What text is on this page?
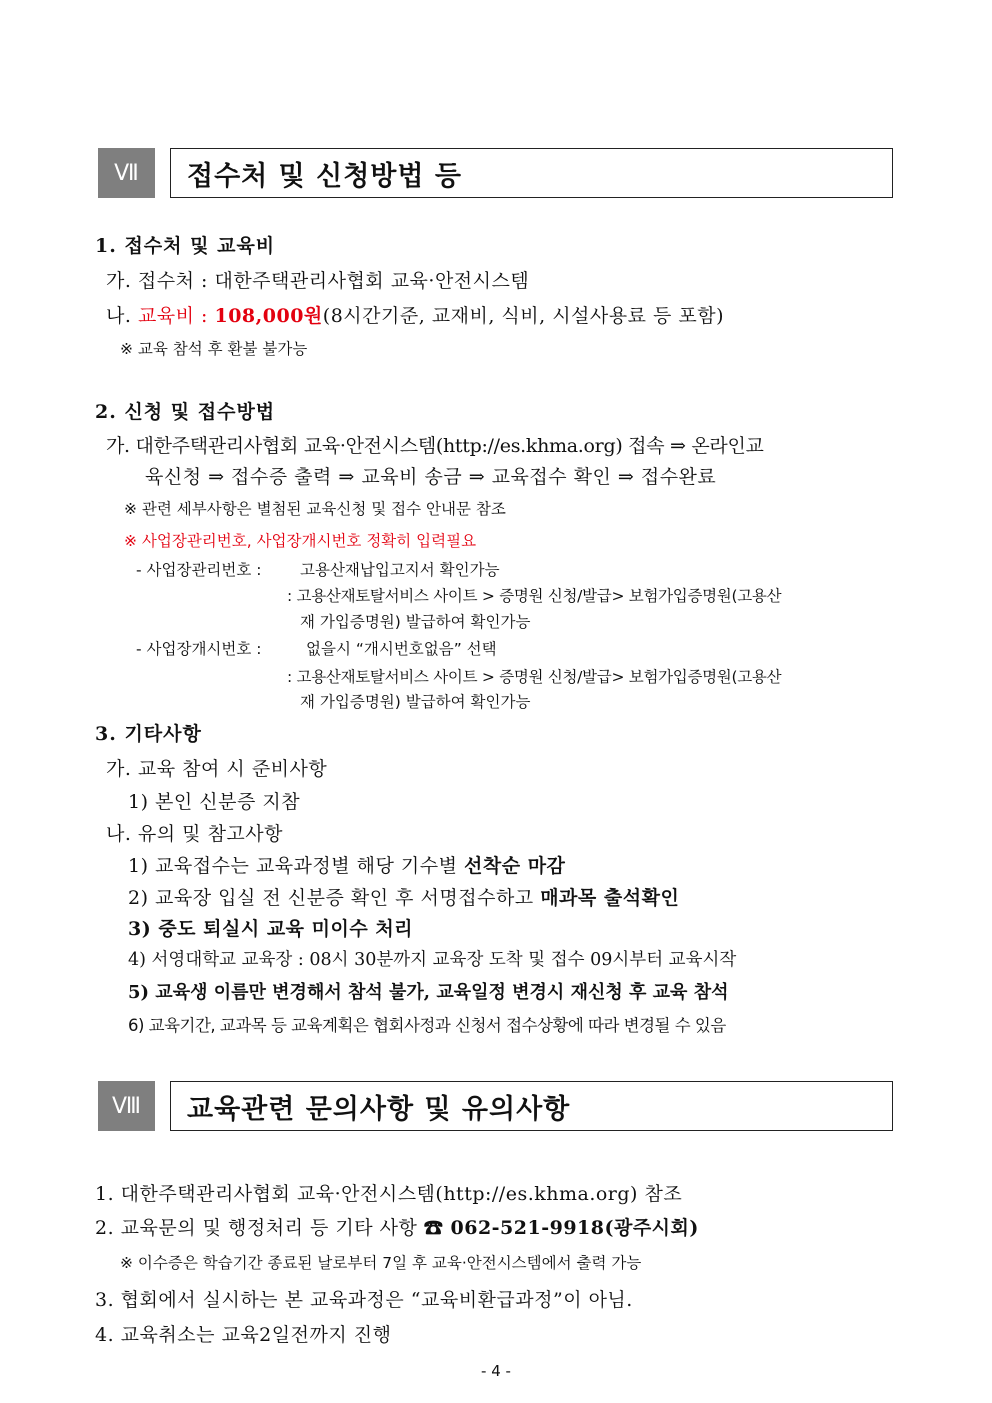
Ⅶ	접수처 및 신청방법 등
1. 접수처 및 교육비
가. 접수처 : 대한주택관리사협회 교육·안전시스템
나. 교육비 : 108,000원(8시간기준, 교재비, 식비, 시설사용료 등 포함)
※ 교육 참석 후 환불 불가능
2. 신청 및 접수방법
가. 대한주택관리사협회 교육·안전시스템(http://es.khma.org) 접속 ⇒ 온라인교
육신청 ⇒ 접수증 출력 ⇒ 교육비 송금 ⇒ 교육접수 확인 ⇒ 접수완료
※ 관련 세부사항은 별첨된 교육신청 및 접수 안내문 참조
※ 사업장관리번호, 사업장개시번호 정확히 입력필요
- 사업장관리번호 : 고용산재납입고지서 확인가능
: 고용산재토탈서비스 사이트 > 증명원 신청/발급> 보험가입증명원(고용산
재 가입증명원) 발급하여 확인가능
- 사업장개시번호 :	없을시 “개시번호없음” 선택
: 고용산재토탈서비스 사이트 > 증명원 신청/발급> 보험가입증명원(고용산
재 가입증명원) 발급하여 확인가능
3. 기타사항
가. 교육 참여 시 준비사항
1) 본인 신분증 지참
나. 유의 및 참고사항
1) 교육접수는 교육과정별 해당 기수별 선착순 마감
2) 교육장 입실 전 신분증 확인 후 서명접수하고 매과목 출석확인
3) 중도 퇴실시 교육 미이수 처리
4) 서영대학교 교육장 : 08시 30분까지 교육장 도착 및 접수 09시부터 교육시작
5) 교육생 이름만 변경해서 참석 불가, 교육일정 변경시 재신청 후 교육 참석
6) 교육기간, 교과목 등 교육계획은 협회사정과 신청서 접수상황에 따라 변경될 수 있음
Ⅷ	교육관련 문의사항 및 유의사항
1. 대한주택관리사협회 교육·안전시스템(http://es.khma.org) 참조
2. 교육문의 및 행정처리 등 기타 사항 ☎ 062-521-9918(광주시회)
※ 이수증은 학습기간 종료된 날로부터 7일 후 교육·안전시스템에서 출력 가능
3. 협회에서 실시하는 본 교육과정은 “교육비환급과정”이 아님.
4. 교육취소는 교육2일전까지 진행
- 4 -
